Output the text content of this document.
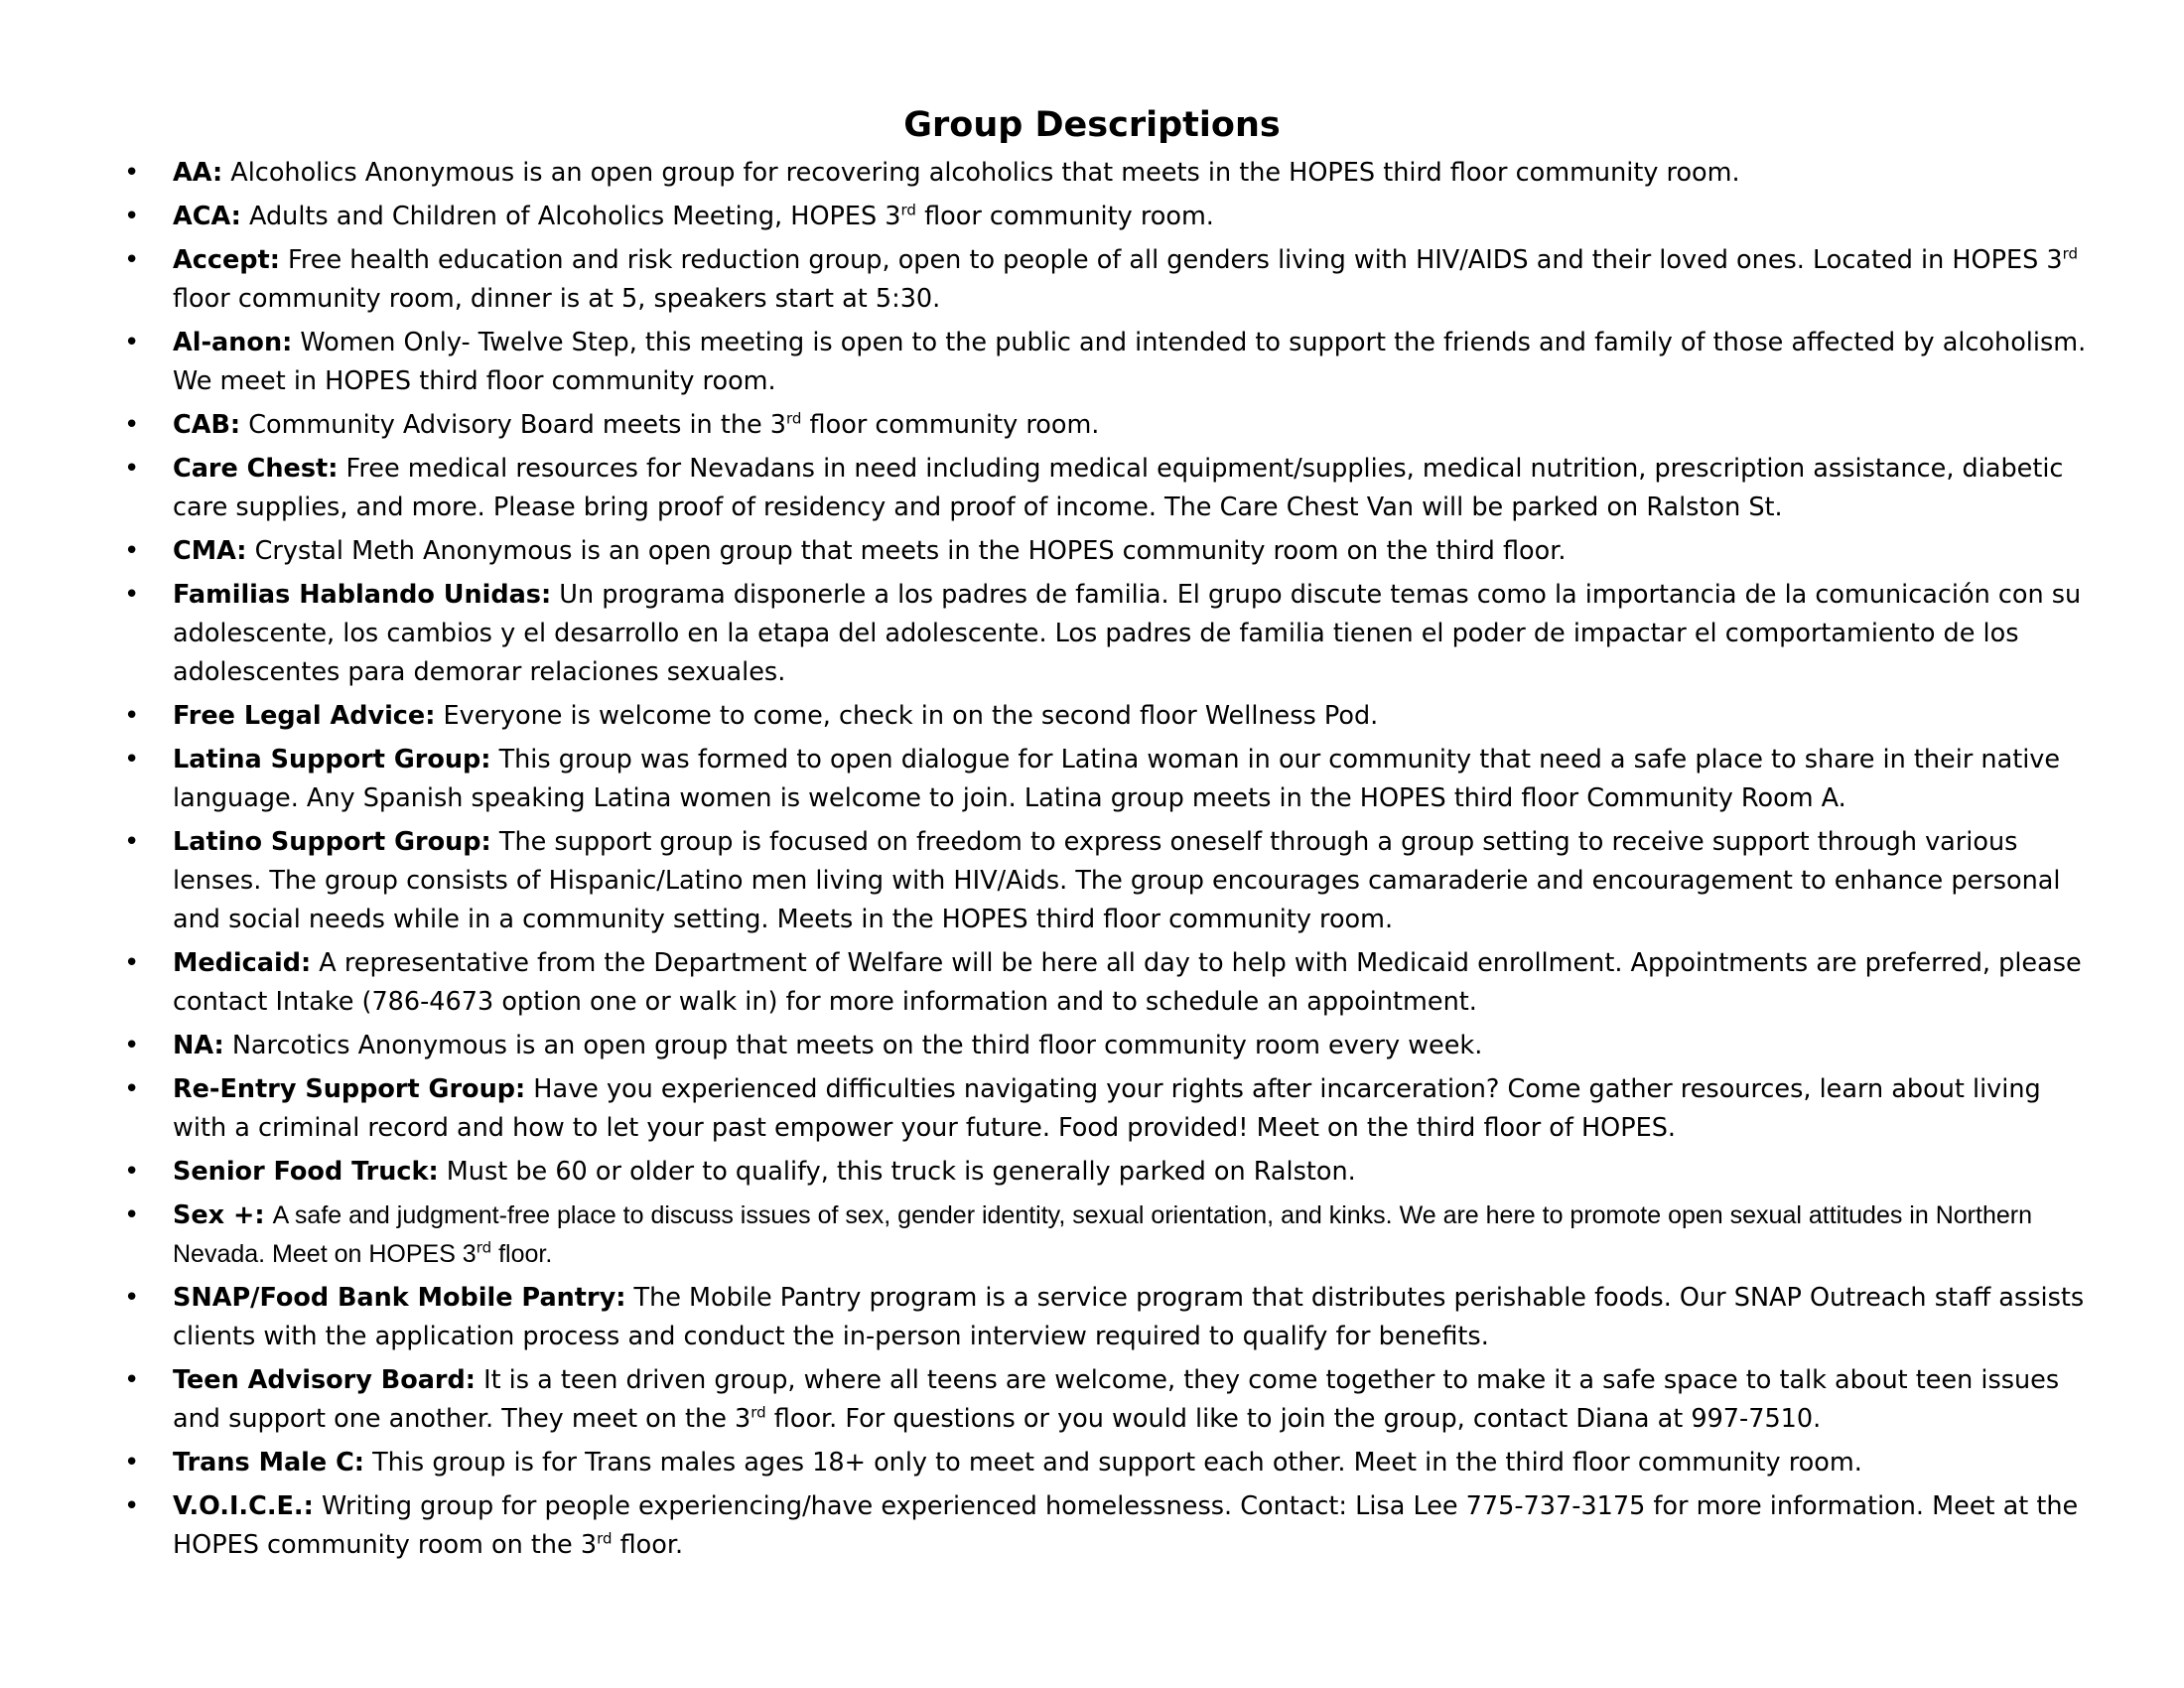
Group Descriptions
• AA: Alcoholics Anonymous is an open group for recovering alcoholics that meets in the HOPES third floor community room.
• ACA: Adults and Children of Alcoholics Meeting, HOPES 3rd floor community room.
• Accept: Free health education and risk reduction group, open to people of all genders living with HIV/AIDS and their loved ones. Located in HOPES 3rd floor community room, dinner is at 5, speakers start at 5:30.
• Al-anon: Women Only- Twelve Step, this meeting is open to the public and intended to support the friends and family of those affected by alcoholism. We meet in HOPES third floor community room.
• CAB: Community Advisory Board meets in the 3rd floor community room.
• Care Chest: Free medical resources for Nevadans in need including medical equipment/supplies, medical nutrition, prescription assistance, diabetic care supplies, and more. Please bring proof of residency and proof of income. The Care Chest Van will be parked on Ralston St.
• CMA: Crystal Meth Anonymous is an open group that meets in the HOPES community room on the third floor.
• Familias Hablando Unidas: Un programa disponerle a los padres de familia. El grupo discute temas como la importancia de la comunicación con su adolescente, los cambios y el desarrollo en la etapa del adolescente. Los padres de familia tienen el poder de impactar el comportamiento de los adolescentes para demorar relaciones sexuales.
• Free Legal Advice: Everyone is welcome to come, check in on the second floor Wellness Pod.
• Latina Support Group: This group was formed to open dialogue for Latina woman in our community that need a safe place to share in their native language. Any Spanish speaking Latina women is welcome to join. Latina group meets in the HOPES third floor Community Room A.
• Latino Support Group: The support group is focused on freedom to express oneself through a group setting to receive support through various lenses. The group consists of Hispanic/Latino men living with HIV/Aids. The group encourages camaraderie and encouragement to enhance personal and social needs while in a community setting. Meets in the HOPES third floor community room.
• Medicaid: A representative from the Department of Welfare will be here all day to help with Medicaid enrollment. Appointments are preferred, please contact Intake (786-4673 option one or walk in) for more information and to schedule an appointment.
• NA: Narcotics Anonymous is an open group that meets on the third floor community room every week.
• Re-Entry Support Group: Have you experienced difficulties navigating your rights after incarceration? Come gather resources, learn about living with a criminal record and how to let your past empower your future. Food provided! Meet on the third floor of HOPES.
• Senior Food Truck: Must be 60 or older to qualify, this truck is generally parked on Ralston.
• Sex +: A safe and judgment-free place to discuss issues of sex, gender identity, sexual orientation, and kinks. We are here to promote open sexual attitudes in Northern Nevada. Meet on HOPES 3rd floor.
• SNAP/Food Bank Mobile Pantry: The Mobile Pantry program is a service program that distributes perishable foods. Our SNAP Outreach staff assists clients with the application process and conduct the in-person interview required to qualify for benefits.
• Teen Advisory Board: It is a teen driven group, where all teens are welcome, they come together to make it a safe space to talk about teen issues and support one another. They meet on the 3rd floor. For questions or you would like to join the group, contact Diana at 997-7510.
• Trans Male C: This group is for Trans males ages 18+ only to meet and support each other. Meet in the third floor community room.
• V.O.I.C.E.: Writing group for people experiencing/have experienced homelessness. Contact: Lisa Lee 775-737-3175 for more information. Meet at the HOPES community room on the 3rd floor.
